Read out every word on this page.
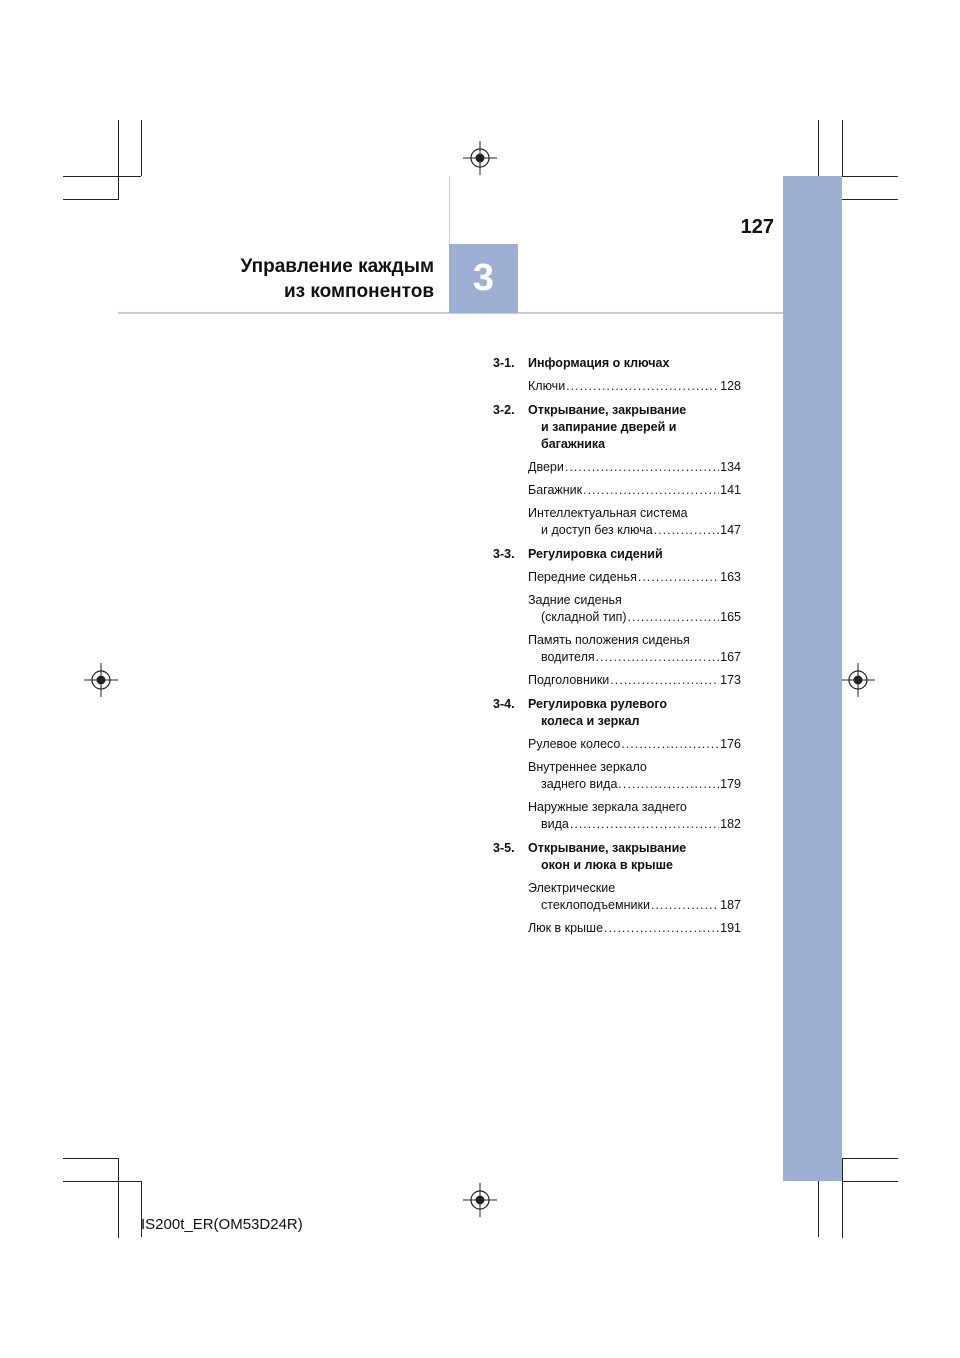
3
127
Управление каждым
из компонентов
3-1.	Информация о ключах
Ключи .....	128
3-2.	Открывание, закрывание
и запирание дверей и
багажника
Двери .....	134
Багажник .....	141
Интеллектуальная система
и доступ без ключа .....	147
3-3.	Регулировка сидений
Передние сиденья .....	163
Задние сиденья
(складной тип) .....	165
Память положения сиденья
водителя .....	167
Подголовники .....	173
3-4.	Регулировка рулевого
колеса и зеркал
Рулевое колесо .....	176
Внутреннее зеркало
заднего вида .....	179
Наружные зеркала заднего
вида .....	182
3-5.	Открывание, закрывание
окон и люка в крыше
Электрические
стеклоподъемники .....	187
Люк в крыше .....	191
IS200t_ER(OM53D24R)
